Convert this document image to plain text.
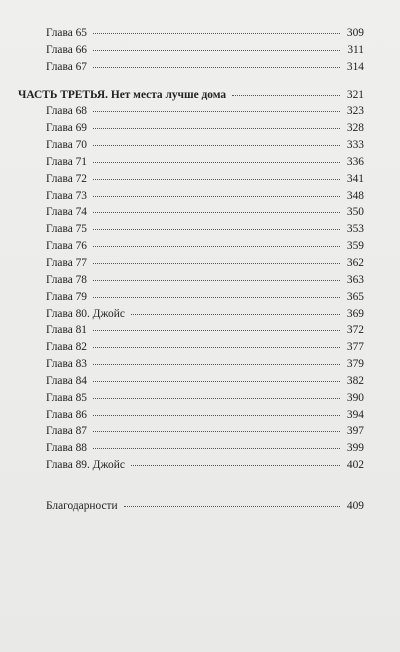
Глава 65	309
Глава 66	311
Глава 67	314
ЧАСТЬ ТРЕТЬЯ. Нет места лучше дома	321
Глава 68	323
Глава 69	328
Глава 70	333
Глава 71	336
Глава 72	341
Глава 73	348
Глава 74	350
Глава 75	353
Глава 76	359
Глава 77	362
Глава 78	363
Глава 79	365
Глава 80. Джойс	369
Глава 81	372
Глава 82	377
Глава 83	379
Глава 84	382
Глава 85	390
Глава 86	394
Глава 87	397
Глава 88	399
Глава 89. Джойс	402
Благодарности	409
